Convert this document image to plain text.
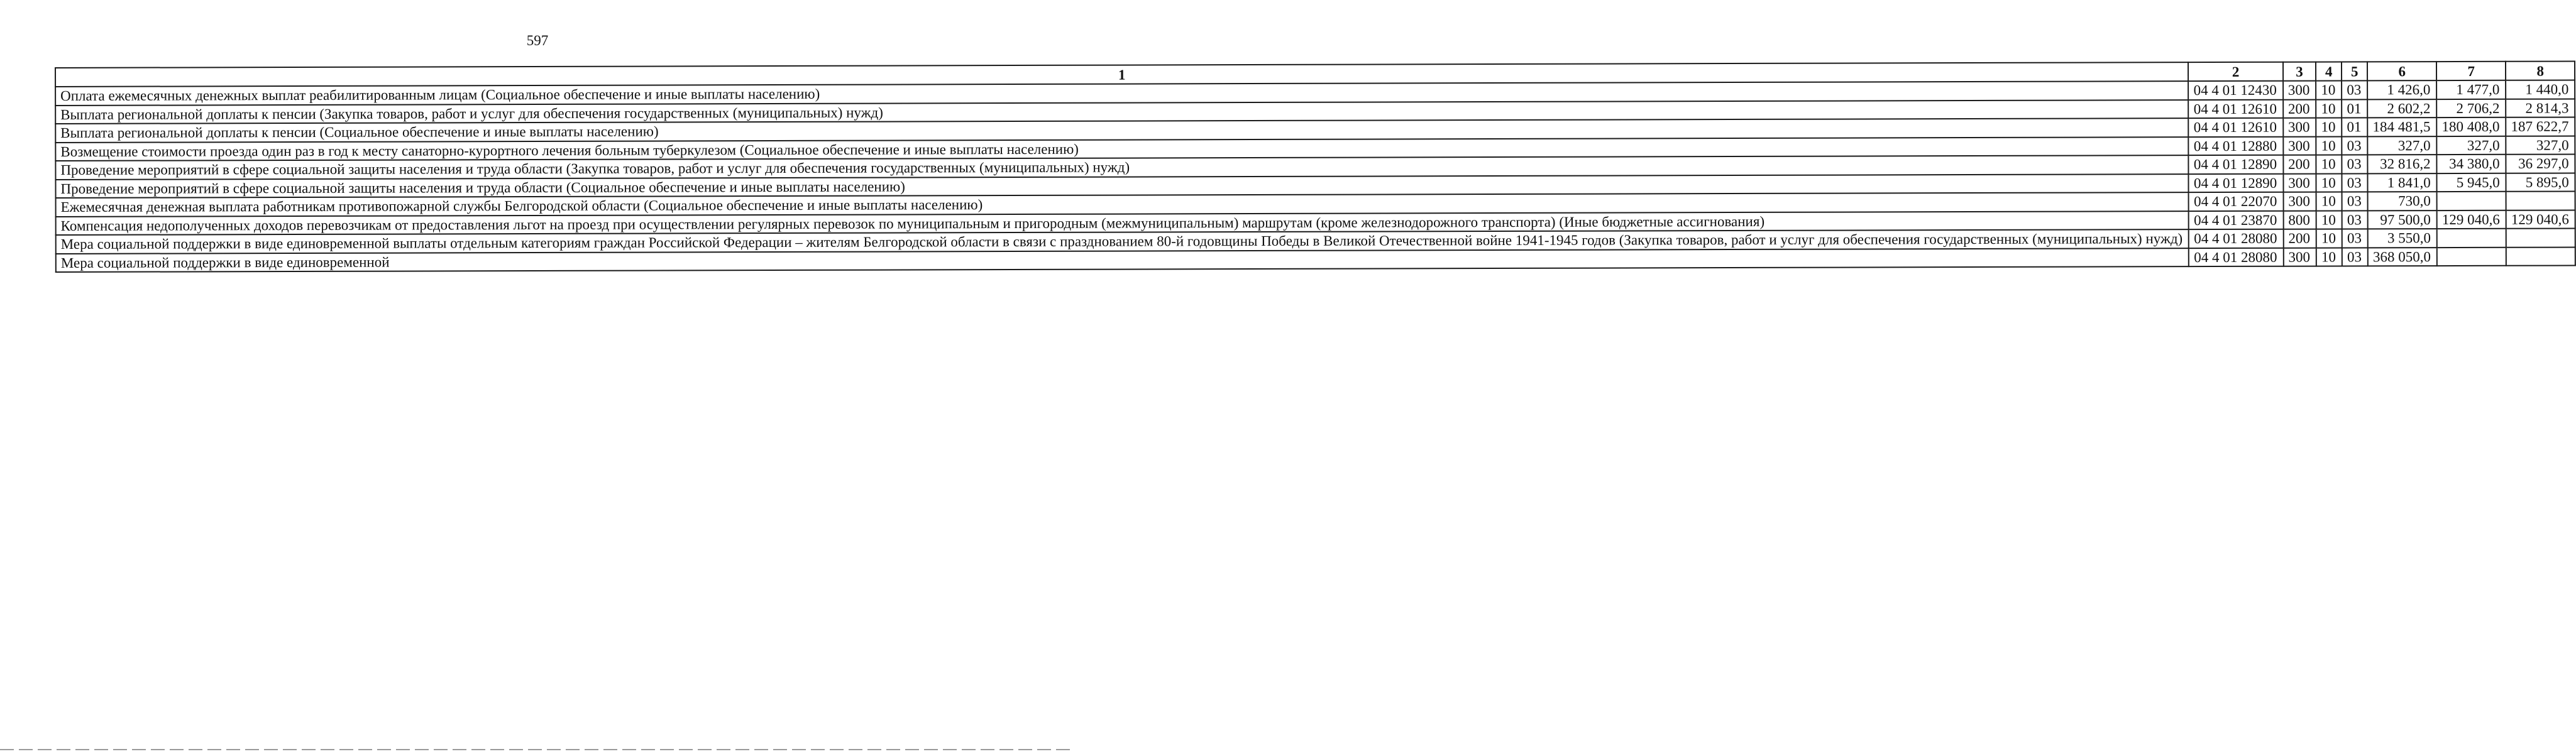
597
1	2	3	4	5	6	7	8
Оплата ежемесячных денежных выплат реабилитированным лицам (Социальное обеспечение и иные выплаты населению)	04 4 01 12430	300	10	03	1 426,0	1 477,0	1 440,0
Выплата региональной доплаты к пенсии (Закупка товаров, работ и услуг для обеспечения государственных (муниципальных) нужд)	04 4 01 12610	200	10	01	2 602,2	2 706,2	2 814,3
Выплата региональной доплаты к пенсии (Социальное обеспечение и иные выплаты населению)	04 4 01 12610	300	10	01	184 481,5	180 408,0	187 622,7
Возмещение стоимости проезда один раз в год к месту санаторно-курортного лечения больным туберкулезом (Социальное обеспечение и иные выплаты населению)	04 4 01 12880	300	10	03	327,0	327,0	327,0
Проведение мероприятий в сфере социальной защиты населения и труда области (Закупка товаров, работ и услуг для обеспечения государственных (муниципальных) нужд)	04 4 01 12890	200	10	03	32 816,2	34 380,0	36 297,0
Проведение мероприятий в сфере социальной защиты населения и труда области (Социальное обеспечение и иные выплаты населению)	04 4 01 12890	300	10	03	1 841,0	5 945,0	5 895,0
Ежемесячная денежная выплата работникам противопожарной службы Белгородской области (Социальное обеспечение и иные выплаты населению)	04 4 01 22070	300	10	03	730,0		
Компенсация недополученных доходов перевозчикам от предоставления льгот на проезд при осуществлении регулярных перевозок по муниципальным и пригородным (межмуниципальным) маршрутам (кроме железнодорожного транспорта) (Иные бюджетные ассигнования)	04 4 01 23870	800	10	03	97 500,0	129 040,6	129 040,6
Мера социальной поддержки в виде единовременной выплаты отдельным категориям граждан Российской Федерации – жителям Белгородской области в связи с празднованием 80-й годовщины Победы в Великой Отечественной войне 1941-1945 годов (Закупка товаров, работ и услуг для обеспечения государственных (муниципальных) нужд)	04 4 01 28080	200	10	03	3 550,0		
Мера социальной поддержки в виде единовременной	04 4 01 28080	300	10	03	368 050,0		
